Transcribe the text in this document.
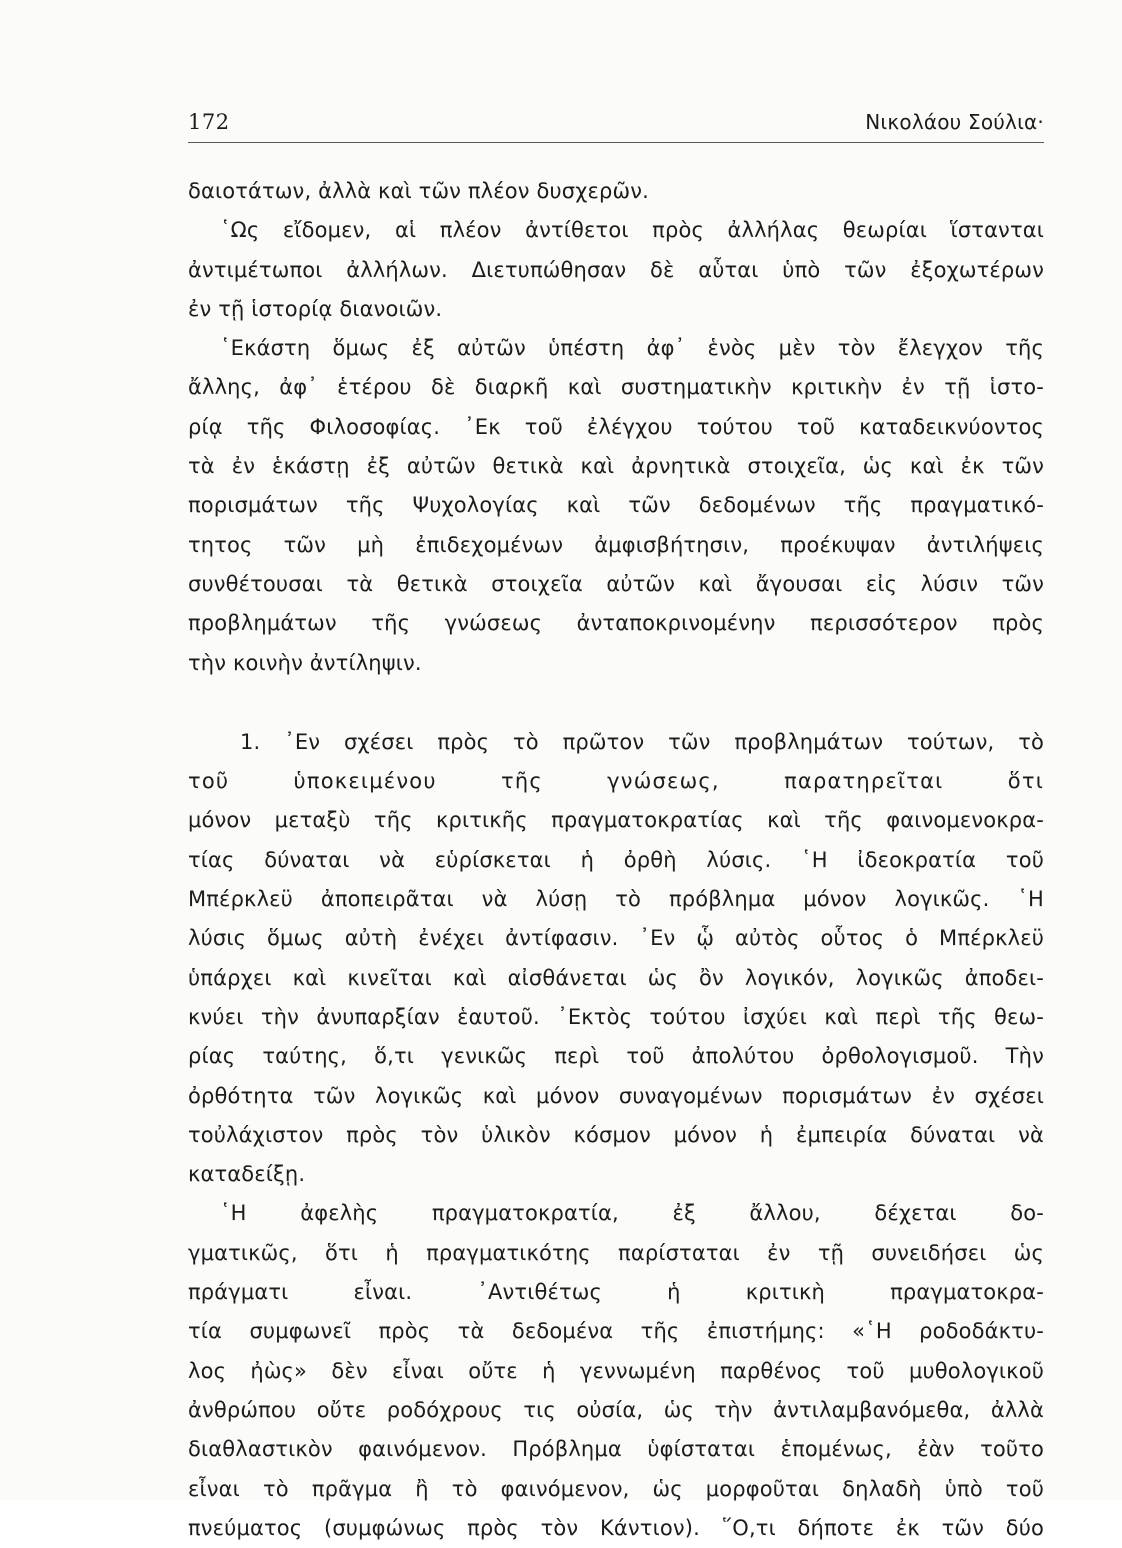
172	Νικολάου Σούλια·
δαιοτάτων, ἀλλὰ καὶ τῶν πλέον δυσχερῶν.
῾Ως εἴδομεν, αἱ πλέον ἀντίθετοι πρὸς ἀλλήλας θεωρίαι ἵστανται
ἀντιμέτωποι ἀλλήλων. Διετυπώθησαν δὲ αὗται ὑπὸ τῶν ἐξοχωτέρων
ἐν τῇ ἱστορίᾳ διανοιῶν.
῾Εκάστη ὅμως ἐξ αὐτῶν ὑπέστη ἀφ᾽ ἑνὸς μὲν τὸν ἔλεγχον τῆς
ἄλλης, ἀφ᾽ ἑτέρου δὲ διαρκῆ καὶ συστηματικὴν κριτικὴν ἐν τῇ ἱστο-
ρίᾳ τῆς Φιλοσοφίας. ᾿Εκ τοῦ ἐλέγχου τούτου τοῦ καταδεικνύοντος
τὰ ἐν ἑκάστῃ ἐξ αὐτῶν θετικὰ καὶ ἀρνητικὰ στοιχεῖα, ὡς καὶ ἐκ τῶν
πορισμάτων τῆς Ψυχολογίας καὶ τῶν δεδομένων τῆς πραγματικό-
τητος τῶν μὴ ἐπιδεχομένων ἀμφισβήτησιν, προέκυψαν ἀντιλήψεις
συνθέτουσαι τὰ θετικὰ στοιχεῖα αὐτῶν καὶ ἄγουσαι εἰς λύσιν τῶν
προβλημάτων τῆς γνώσεως ἀνταποκρινομένην περισσότερον πρὸς
τὴν κοινὴν ἀντίληψιν.
1. ᾿Εν σχέσει πρὸς τὸ πρῶτον τῶν προβλημάτων τούτων, τὸ
τοῦ ὑποκειμένου τῆς γνώσεως, παρατηρεῖται ὅτι
μόνον μεταξὺ τῆς κριτικῆς πραγματοκρατίας καὶ τῆς φαινομενοκρα-
τίας δύναται νὰ εὑρίσκεται ἡ ὀρθὴ λύσις. ῾Η ἰδεοκρατία τοῦ
Μπέρκλεϋ ἀποπειρᾶται νὰ λύσῃ τὸ πρόβλημα μόνον λογικῶς. ῾Η
λύσις ὅμως αὐτὴ ἐνέχει ἀντίφασιν. ᾿Εν ᾧ αὐτὸς οὗτος ὁ Μπέρκλεϋ
ὑπάρχει καὶ κινεῖται καὶ αἰσθάνεται ὡς ὂν λογικόν, λογικῶς ἀποδει-
κνύει τὴν ἀνυπαρξίαν ἑαυτοῦ. ᾿Εκτὸς τούτου ἰσχύει καὶ περὶ τῆς θεω-
ρίας ταύτης, ὅ,τι γενικῶς περὶ τοῦ ἀπολύτου ὀρθολογισμοῦ. Τὴν
ὀρθότητα τῶν λογικῶς καὶ μόνον συναγομένων πορισμάτων ἐν σχέσει
τοὐλάχιστον πρὸς τὸν ὑλικὸν κόσμον μόνον ἡ ἐμπειρία δύναται νὰ
καταδείξῃ.
῾Η ἀφελὴς πραγματοκρατία, ἐξ ἄλλου, δέχεται δο-
γματικῶς, ὅτι ἡ πραγματικότης παρίσταται ἐν τῇ συνειδήσει ὡς
πράγματι εἶναι. ᾿Αντιθέτως ἡ κριτικὴ πραγματοκρα-
τία συμφωνεῖ πρὸς τὰ δεδομένα τῆς ἐπιστήμης: «῾Η ροδοδάκτυ-
λος ἠὼς» δὲν εἶναι οὔτε ἡ γεννωμένη παρθένος τοῦ μυθολογικοῦ
ἀνθρώπου οὔτε ροδόχρους τις οὐσία, ὡς τὴν ἀντιλαμβανόμεθα, ἀλλὰ
διαθλαστικὸν φαινόμενον. Πρόβλημα ὑφίσταται ἑπομένως, ἐὰν τοῦτο
εἶναι τὸ πρᾶγμα ἢ τὸ φαινόμενον, ὡς μορφοῦται δηλαδὴ ὑπὸ τοῦ
πνεύματος (συμφώνως πρὸς τὸν Κάντιον). ῞Ο,τι δήποτε ἐκ τῶν δύο
